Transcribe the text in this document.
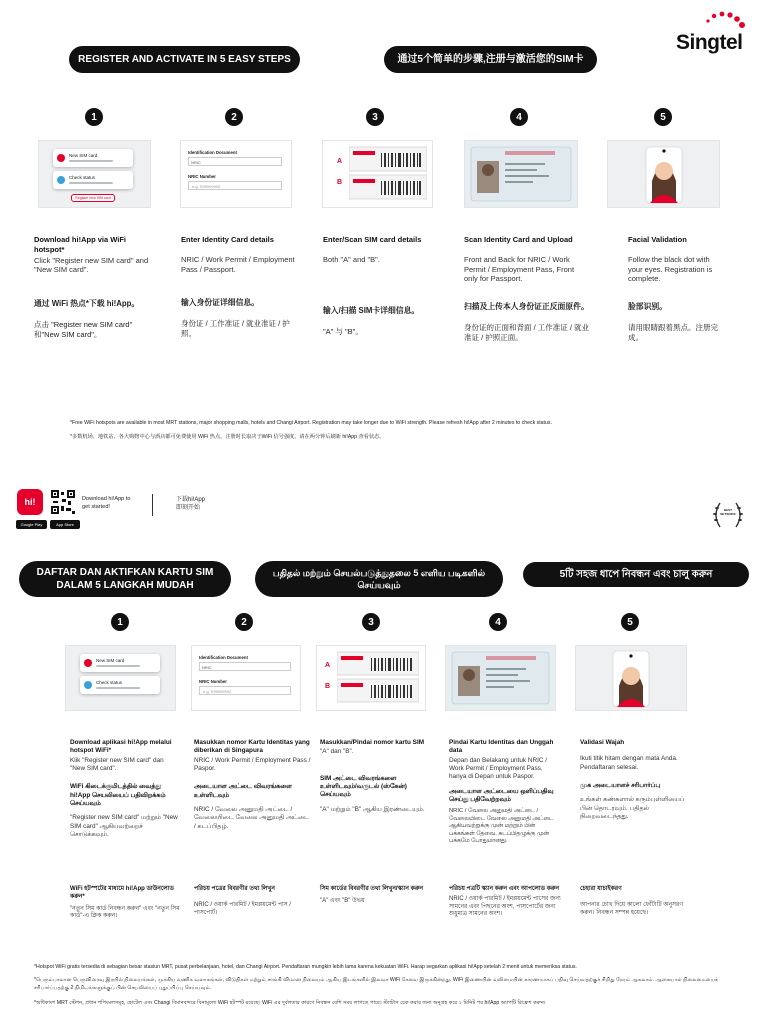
Singtel
REGISTER AND ACTIVATE IN 5 EASY STEPS	通过5个简单的步骤,注册与激活您的SIM卡
1	2	3	4	5
New SIM card
Check status
Register new SIM card
Identification Document
NRIC
NRIC Number
e.g. S9999999Z
A
B
Download hi!App via WiFi hotspot*
Click "Register new SIM card" and "New SIM card".
通过 WiFi 热点*下载 hi!App。
点击 "Register new SIM card" 和"New SIM card"。
Enter Identity Card details
NRIC / Work Permit / Employment Pass / Passport.
输入身份证详细信息。
身份证 / 工作准证 / 就业准证 / 护照。
Enter/Scan SIM card details
Both "A" and "B".
输入/扫描 SIM卡详细信息。
"A" 与 "B"。
Scan Identity Card and Upload
Front and Back for NRIC / Work Permit / Employment Pass, Front only for Passport.
扫描及上传本人身份证正反面原件。
身份证的正面和背面 / 工作准证 / 就业准证 / 护照正面。
Facial Validation
Follow the black dot with your eyes. Registration is complete.
脸部识别。
请用眼睛跟着黑点。注册完成。
*Free WiFi hotspots are available in most MRT stations, major shopping malls, hotels and Changi Airport. Registration may take longer due to WiFi strength. Please refresh hi!App after 2 minutes to check status.
*多数机场、地铁站、各大购物中心与酒店都可免费使用 WiFi 热点。注册时长取决于WiFi 信号强度。请在两分钟后刷新 hi!App 查看状态。
hi!
Google Play	App Store
Download hi!App to get started!
下载hi!App
即刻开始	BEST NETWORK
DAFTAR DAN AKTIFKAN KARTU SIM DALAM 5 LANGKAH MUDAH
பதிதல் மற்றும் செயல்படுத்துதலை 5 எளிய படிகளில் செய்யவும்
5টি সহজ ধাপে নিবন্ধন এবং চালু করুন
1	2	3	4	5
New SIM card
Check status
Identification Document
NRIC
NRIC Number
e.g. S9999999Z
A
B
Download aplikasi hi!App melalui hotspot WiFi*
Klik "Register new SIM card" dan "New SIM card".
WiFi கிடைக்குமிடத்தில் வைத்து hi!App செயலியைப் பதிவிறக்கம் செய்யவும்
"Register new SIM card" மற்றும் "New SIM card" ஆகியவற்றைச் சொடுக்கவும்.
WiFi হটস্পটের মাধ্যমে hi!App ডাউনলোড করুন*
"নতুন সিম কার্ড নিবন্ধন করুন" এবং "নতুন সিম কার্ড"-এ ক্লিক করুন।
Masukkan nomor Kartu Identitas yang diberikan di Singapura
NRIC / Work Permit / Employment Pass / Paspor.
அடையாள அட்டை விவரங்களை உள்ளிடவும்
NRIC / வேலை அனுமதி அட்டை / வேலையிடை வேலை அனுமதி அட்டை / கடப்பிதழ்.
পরিচয় পত্রের বিবরণীর তথ্য লিখুন
NRIC / ওয়ার্ক পারমিট / ইমপ্লয়মেন্ট পাস / পাসপোর্ট।
Masukkan/Pindai nomor kartu SIM
"A" dan "B".
SIM அட்டை விவரங்களை உள்ளிடவும்/வருடல் (ஸ்கேன்) செய்யவும்
"A" மற்றும் "B" ஆகிய இரண்டையும்.
সিম কার্ডের বিবরণীর তথ্য লিখুন/স্ক্যান করুন
"A" এবং "B" উভয়
Pindai Kartu Identitas dan Unggah data
Depan dan Belakang untuk NRIC / Work Permit / Employment Pass, hanya di Depan untuk Paspor.
அடையாள அட்டையை ஒளிப்பதிவு செய்து பதிவேற்றவும்
NRIC / வேலை அனுமதி அட்டை / வேலையிடை வேலை அனுமதி அட்டை ஆகியவற்றுக்கு முன் மற்றும் பின் பக்கங்கள் தேவை. கடப்பிதழுக்கு முன் பக்கமே போதுமானது.
পরিচয় পত্রটি স্ক্যান করুন এবং আপলোড করুন
NRIC / ওয়ার্ক পারমিট / ইমপ্লয়মেন্ট পাসের জন্য সামনের এবং পিছনের অংশ, পাসপোর্টের জন্য শুধুমাত্র সামনের অংশ।
Validasi Wajah
Ikuti titik hitam dengan mata Anda. Pendaftaran selesai.
முக அடையாளச் சரிபார்ப்பு
உங்கள் கண்களால் கரும்புள்ளியைப் பின் தொடரவும். பதிதல் நிறைவடைந்தது.
চেহারা যাচাইকরণ
আপনার চোখ দিয়ে কালো ফোঁটাটি অনুসরণ করুন। নিবন্ধন সম্পন্ন হয়েছে।
*Hotspot WiFi gratis tersedia di sebagian besar stasiun MRT, pusat perbelanjaan, hotel, dan Changi Airport. Pendaftaran mungkin lebih lama karena kekuatan WiFi. Harap segarkan aplikasi hi!App setelah 2 menit untuk memeriksa status.
*பெரும்பாலான பெருவிரைவு இரயில் நிலையங்கள், முக்கிய வணிக வளாகங்கள், விடுதிகள் மற்றும் சாங்கி விமான நிலையம் ஆகிய இடங்களில் இலவச WiFi சேவை இருக்கின்றது. WiFi இணையின் வலிமையின் காரணமாகப் பதிவு செய்வதற்குச் சிறிது நேரம் ஆகலாம். ஆகையால் நிலைமையைச் சரிபார்ப்பதற்கு 2 நிமிடங்களுக்குப் பின் செயலியைப் புதுப்பிப்பு செய்யவும்.
*অধিকাংশ MRT স্টেশন, প্রধান শপিংমলসমূহ, হোটেল এবং Changi বিমানবন্দরে বিনামূল্যে WiFi হটস্পট রয়েছে। WiFi এর দুর্বলতার কারণে নিবন্ধন বেশি সময় লাগতে পারে। স্ট্যাটাস চেক করার জন্য অনুগ্রহ করে ২ মিনিট পর hi!App অ্যাপটি রিফ্রেশ করুন।
